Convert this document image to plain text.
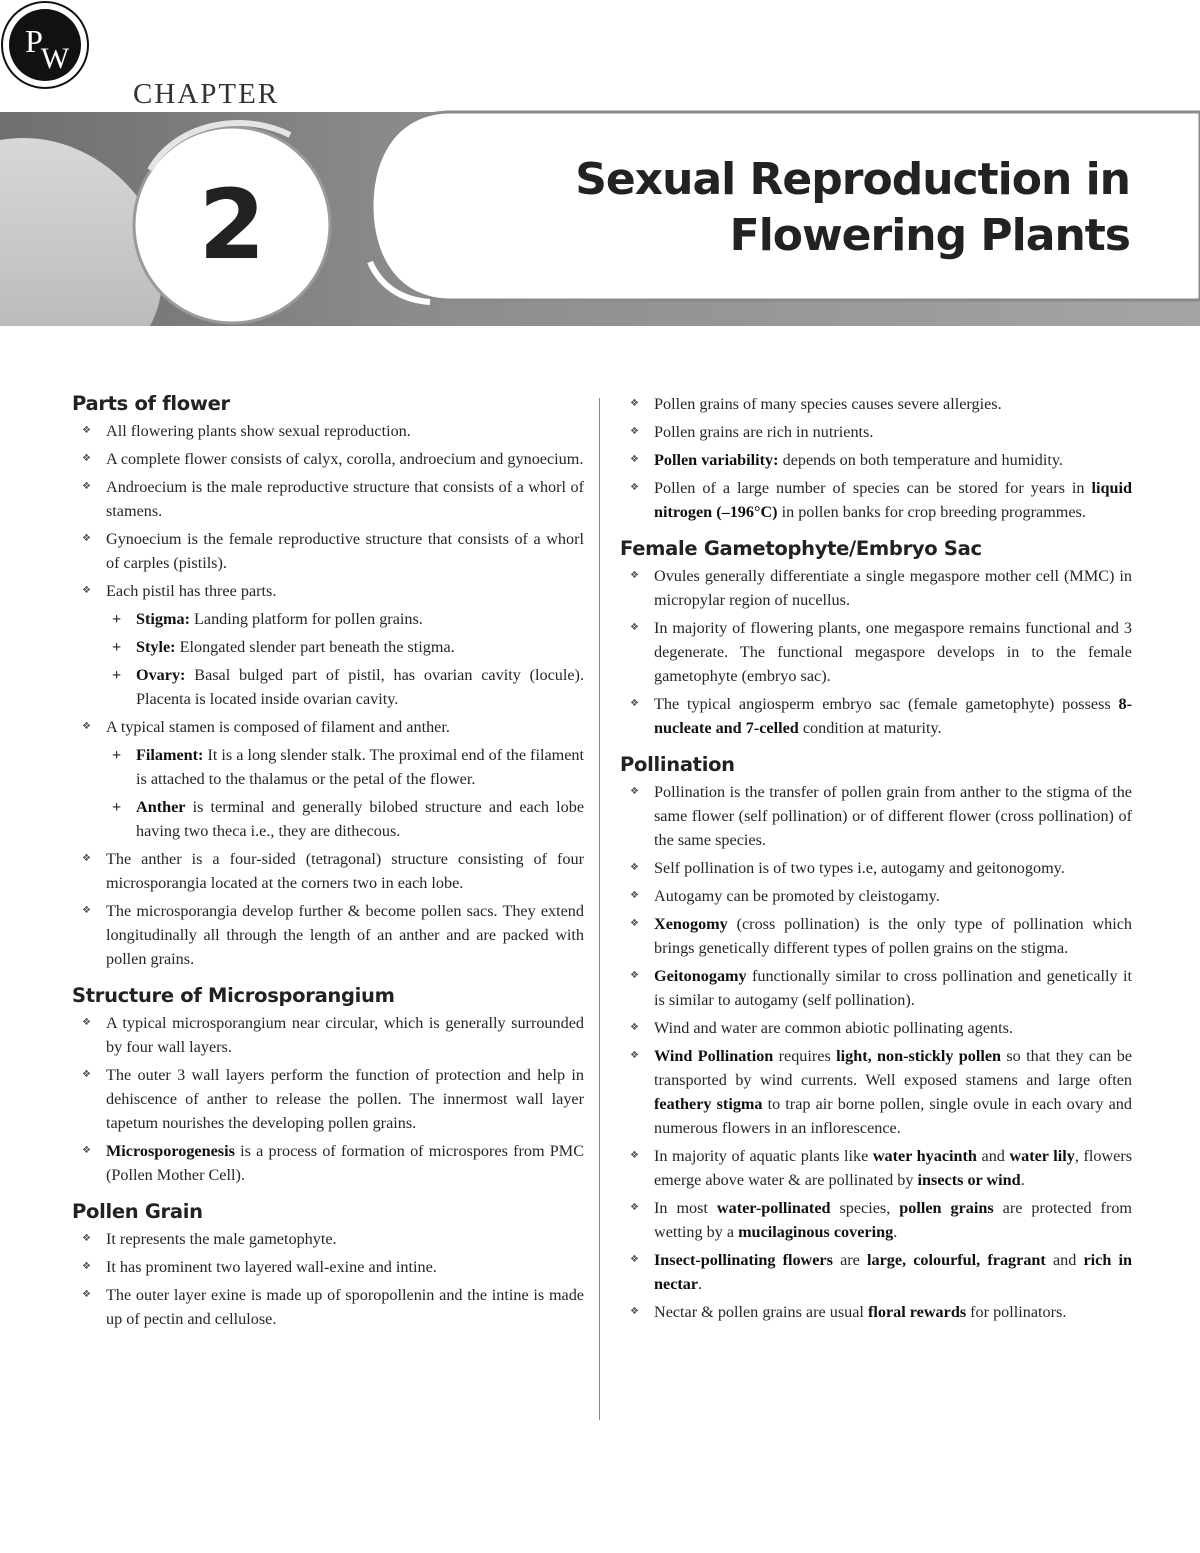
CHAPTER

2	Sexual Reproduction in
Flowering Plants
P
W
Parts of flower
❖ All flowering plants show sexual reproduction.
❖ A complete flower consists of calyx, corolla, androecium and gynoecium.
❖ Androecium is the male reproductive structure that consists of a whorl of stamens.
❖ Gynoecium is the female reproductive structure that consists of a whorl of carples (pistils).
❖ Each pistil has three parts.
+ Stigma: Landing platform for pollen grains.
+ Style: Elongated slender part beneath the stigma.
+ Ovary: Basal bulged part of pistil, has ovarian cavity (locule). Placenta is located inside ovarian cavity.
❖ A typical stamen is composed of filament and anther.
+ Filament: It is a long slender stalk. The proximal end of the filament is attached to the thalamus or the petal of the flower.
+ Anther is terminal and generally bilobed structure and each lobe having two theca i.e., they are dithecous.
❖ The anther is a four-sided (tetragonal) structure consisting of four microsporangia located at the corners two in each lobe.
❖ The microsporangia develop further & become pollen sacs. They extend longitudinally all through the length of an anther and are packed with pollen grains.
Structure of Microsporangium
❖ A typical microsporangium near circular, which is generally surrounded by four wall layers.
❖ The outer 3 wall layers perform the function of protection and help in dehiscence of anther to release the pollen. The innermost wall layer tapetum nourishes the developing pollen grains.
❖ Microsporogenesis is a process of formation of microspores from PMC (Pollen Mother Cell).
Pollen Grain
❖ It represents the male gametophyte.
❖ It has prominent two layered wall-exine and intine.
❖ The outer layer exine is made up of sporopollenin and the intine is made up of pectin and cellulose.
❖ Pollen grains of many species causes severe allergies.
❖ Pollen grains are rich in nutrients.
❖ Pollen variability: depends on both temperature and humidity.
❖ Pollen of a large number of species can be stored for years in liquid nitrogen (–196°C) in pollen banks for crop breeding programmes.
Female Gametophyte/Embryo Sac
❖ Ovules generally differentiate a single megaspore mother cell (MMC) in micropylar region of nucellus.
❖ In majority of flowering plants, one megaspore remains functional and 3 degenerate. The functional megaspore develops in to the female gametophyte (embryo sac).
❖ The typical angiosperm embryo sac (female gametophyte) possess 8-nucleate and 7-celled condition at maturity.
Pollination
❖ Pollination is the transfer of pollen grain from anther to the stigma of the same flower (self pollination) or of different flower (cross pollination) of the same species.
❖ Self pollination is of two types i.e, autogamy and geitonogomy.
❖ Autogamy can be promoted by cleistogamy.
❖ Xenogomy (cross pollination) is the only type of pollination which brings genetically different types of pollen grains on the stigma.
❖ Geitonogamy functionally similar to cross pollination and genetically it is similar to autogamy (self pollination).
❖ Wind and water are common abiotic pollinating agents.
❖ Wind Pollination requires light, non-stickly pollen so that they can be transported by wind currents. Well exposed stamens and large often feathery stigma to trap air borne pollen, single ovule in each ovary and numerous flowers in an inflorescence.
❖ In majority of aquatic plants like water hyacinth and water lily, flowers emerge above water & are pollinated by insects or wind.
❖ In most water-pollinated species, pollen grains are protected from wetting by a mucilaginous covering.
❖ Insect-pollinating flowers are large, colourful, fragrant and rich in nectar.
❖ Nectar & pollen grains are usual floral rewards for pollinators.
